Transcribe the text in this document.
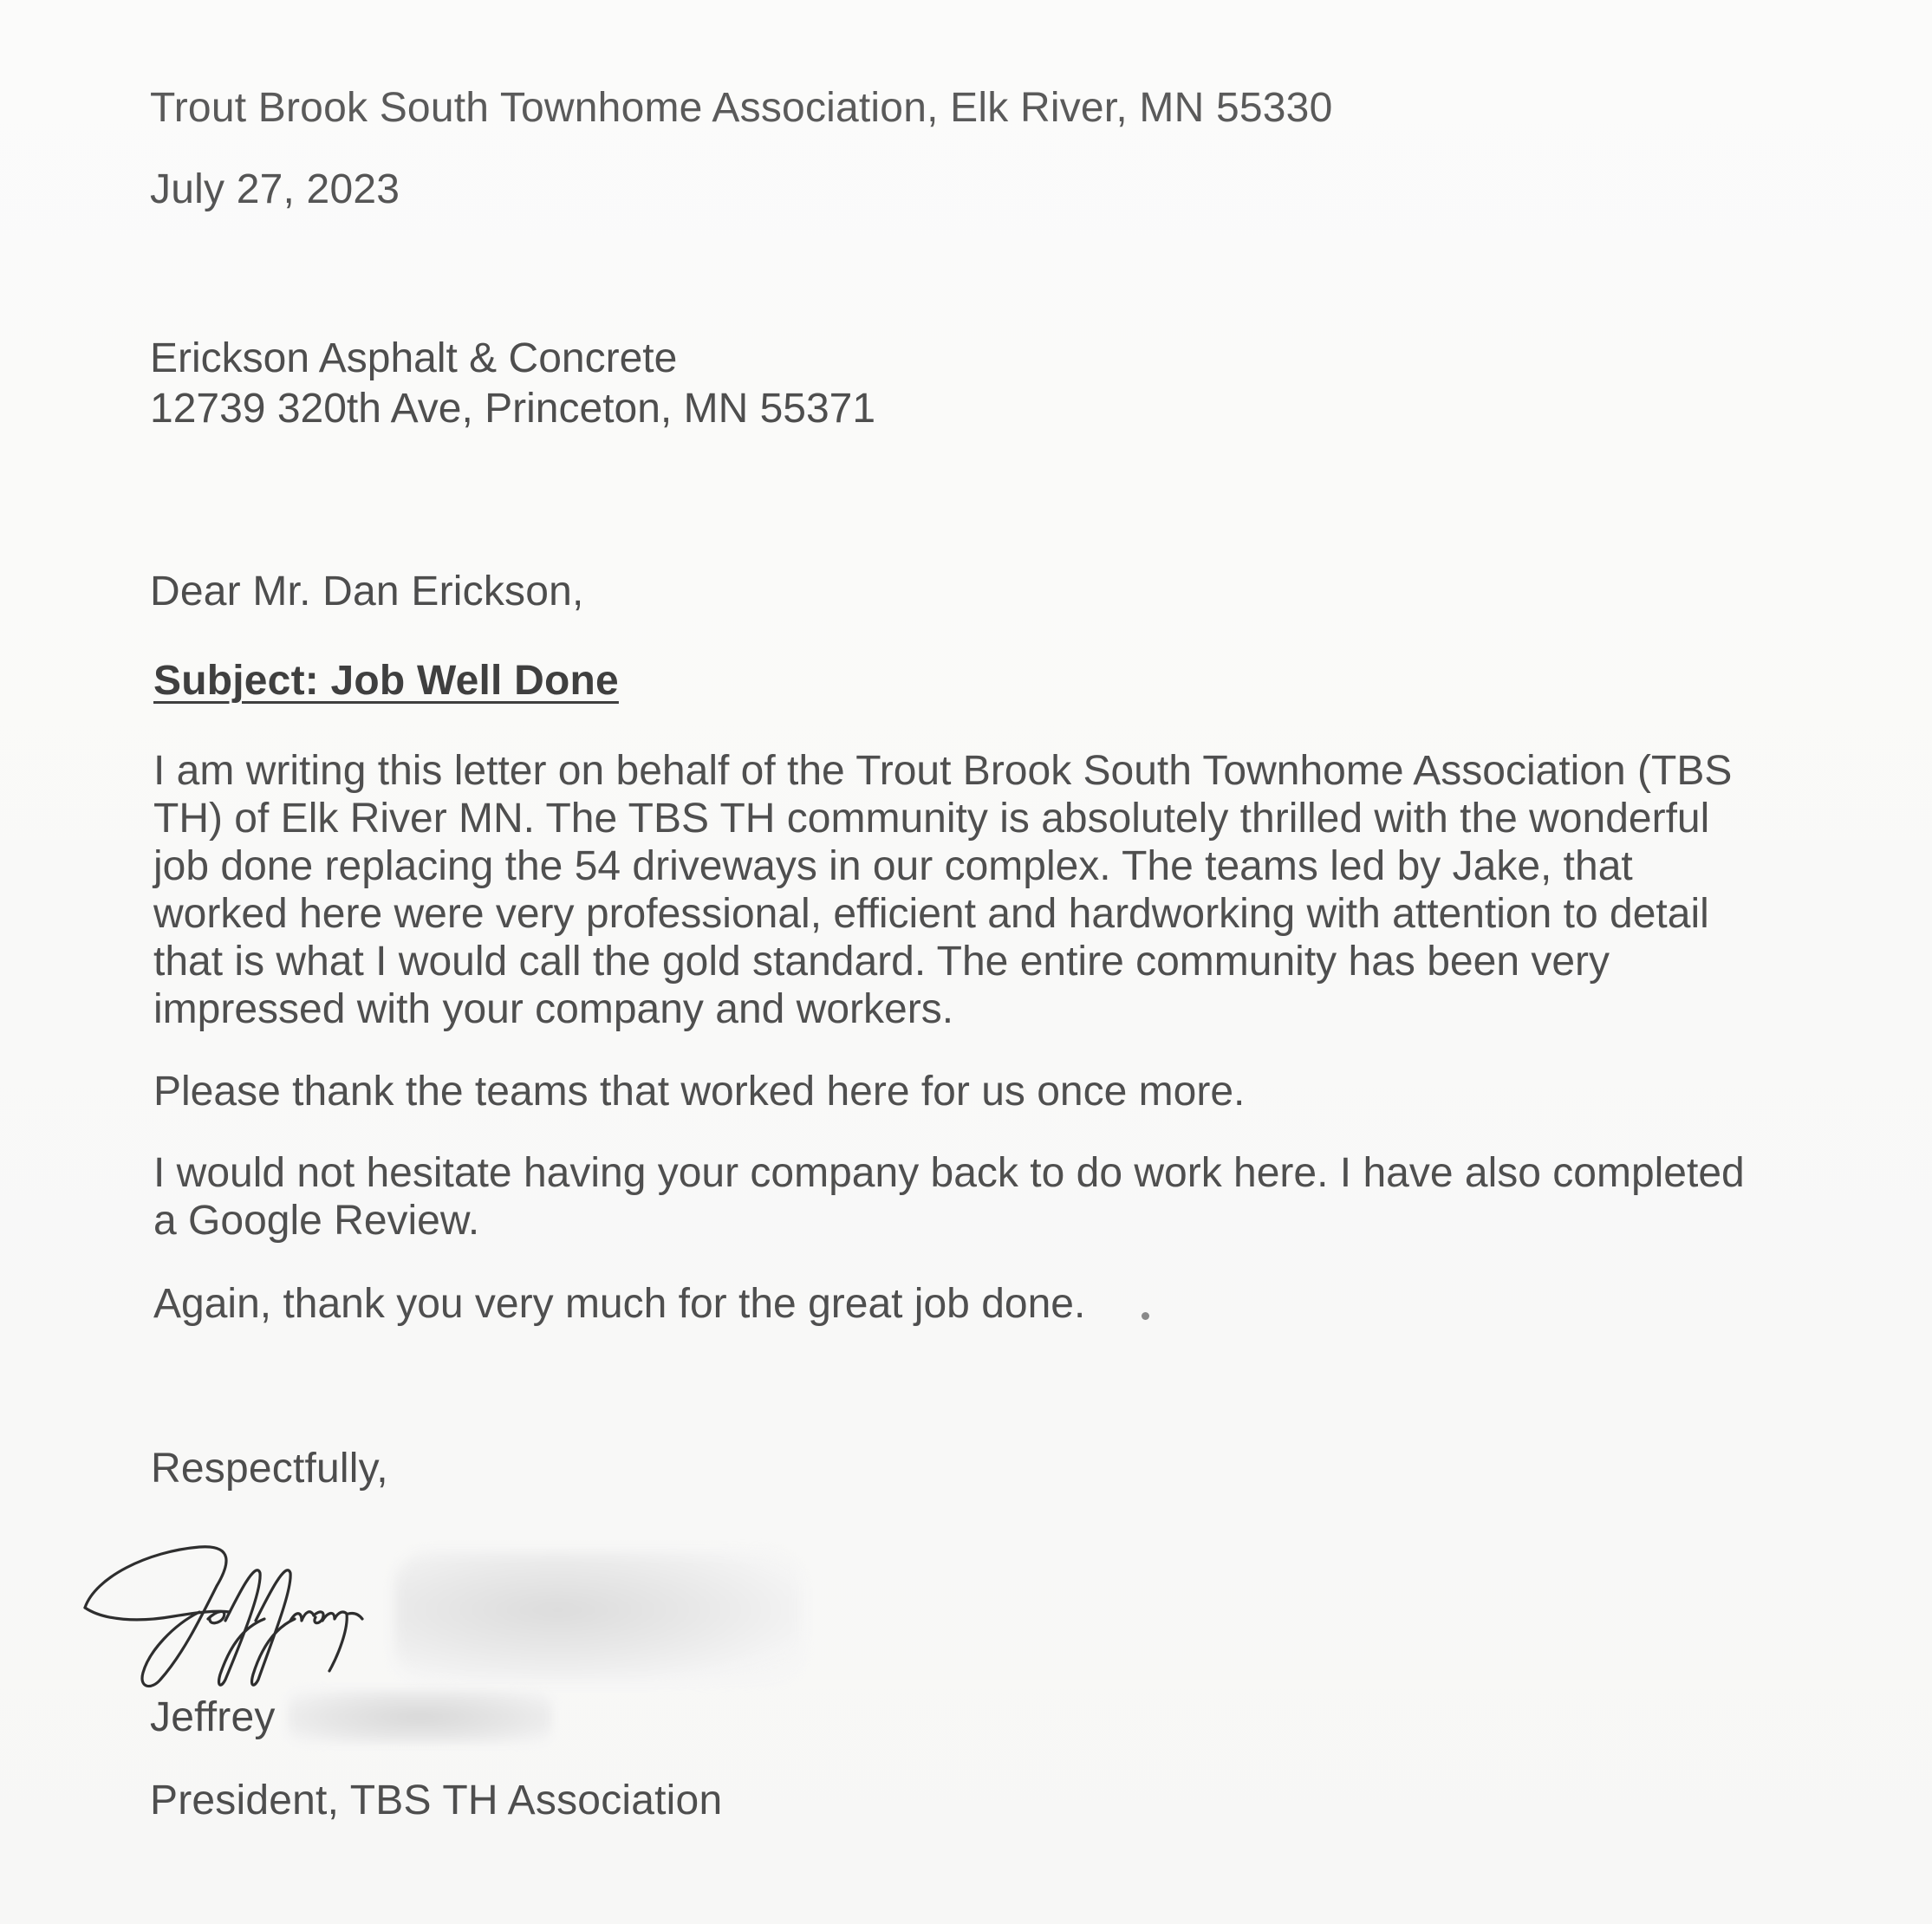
Trout Brook South Townhome Association, Elk River, MN 55330
July 27, 2023
Erickson Asphalt & Concrete
12739 320th Ave, Princeton, MN 55371
Dear Mr. Dan Erickson,
Subject: Job Well Done
I am writing this letter on behalf of the Trout Brook South Townhome Association (TBS
TH) of Elk River MN. The TBS TH community is absolutely thrilled with the wonderful
job done replacing the 54 driveways in our complex. The teams led by Jake, that
worked here were very professional, efficient and hardworking with attention to detail
that is what I would call the gold standard. The entire community has been very
impressed with your company and workers.
Please thank the teams that worked here for us once more.
I would not hesitate having your company back to do work here. I have also completed
a Google Review.
Again, thank you very much for the great job done.
Respectfully,
Jeffrey
President, TBS TH Association
